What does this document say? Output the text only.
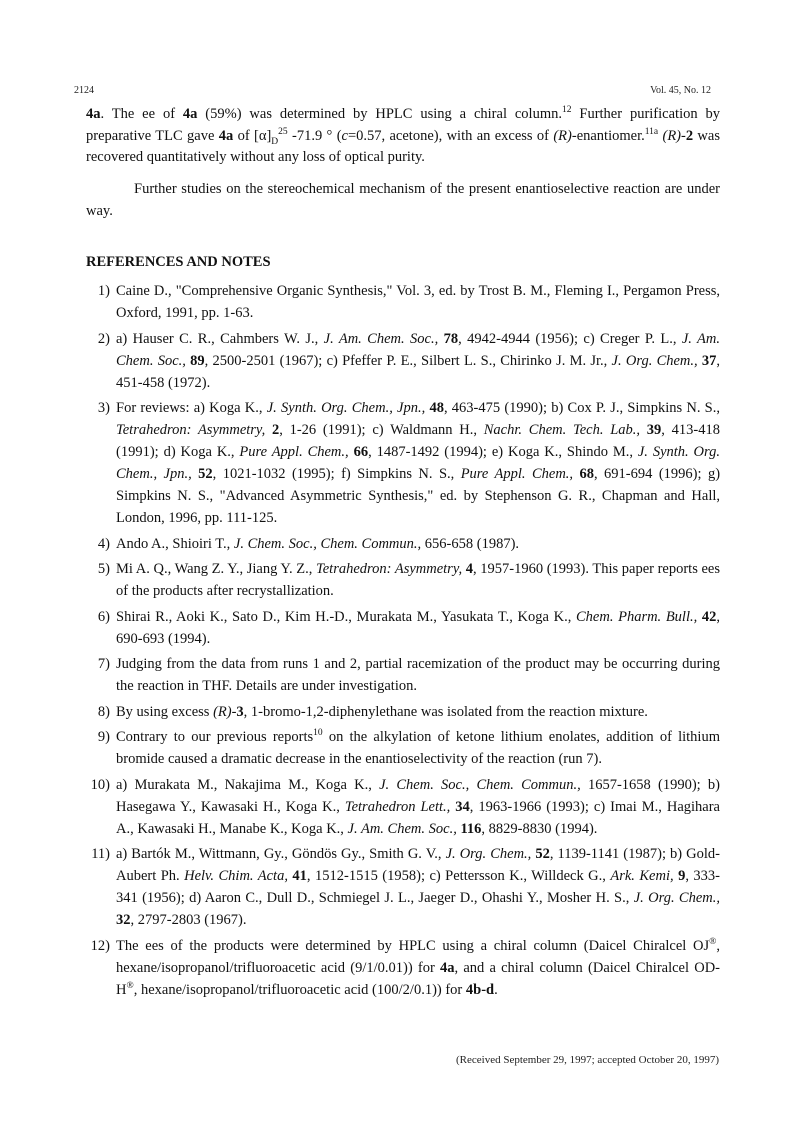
2124	Vol. 45, No. 12
4a. The ee of 4a (59%) was determined by HPLC using a chiral column.$^{12}$ Further purification by preparative TLC gave 4a of $[\alpha]_D^{25}$ -71.9 ° (c=0.57, acetone), with an excess of (R)-enantiomer.$^{11a}$ (R)-2 was recovered quantitatively without any loss of optical purity.
Further studies on the stereochemical mechanism of the present enantioselective reaction are under way.
REFERENCES AND NOTES
1) Caine D., "Comprehensive Organic Synthesis," Vol. 3, ed. by Trost B. M., Fleming I., Pergamon Press, Oxford, 1991, pp. 1-63.
2) a) Hauser C. R., Cahmbers W. J., J. Am. Chem. Soc., 78, 4942-4944 (1956); c) Creger P. L., J. Am. Chem. Soc., 89, 2500-2501 (1967); c) Pfeffer P. E., Silbert L. S., Chirinko J. M. Jr., J. Org. Chem., 37, 451-458 (1972).
3) For reviews: a) Koga K., J. Synth. Org. Chem., Jpn., 48, 463-475 (1990); b) Cox P. J., Simpkins N. S., Tetrahedron: Asymmetry, 2, 1-26 (1991); c) Waldmann H., Nachr. Chem. Tech. Lab., 39, 413-418 (1991); d) Koga K., Pure Appl. Chem., 66, 1487-1492 (1994); e) Koga K., Shindo M., J. Synth. Org. Chem., Jpn., 52, 1021-1032 (1995); f) Simpkins N. S., Pure Appl. Chem., 68, 691-694 (1996); g) Simpkins N. S., "Advanced Asymmetric Synthesis," ed. by Stephenson G. R., Chapman and Hall, London, 1996, pp. 111-125.
4) Ando A., Shioiri T., J. Chem. Soc., Chem. Commun., 656-658 (1987).
5) Mi A. Q., Wang Z. Y., Jiang Y. Z., Tetrahedron: Asymmetry, 4, 1957-1960 (1993). This paper reports ees of the products after recrystallization.
6) Shirai R., Aoki K., Sato D., Kim H.-D., Murakata M., Yasukata T., Koga K., Chem. Pharm. Bull., 42, 690-693 (1994).
7) Judging from the data from runs 1 and 2, partial racemization of the product may be occurring during the reaction in THF. Details are under investigation.
8) By using excess (R)-3, 1-bromo-1,2-diphenylethane was isolated from the reaction mixture.
9) Contrary to our previous reports$^{10}$ on the alkylation of ketone lithium enolates, addition of lithium bromide caused a dramatic decrease in the enantioselectivity of the reaction (run 7).
10) a) Murakata M., Nakajima M., Koga K., J. Chem. Soc., Chem. Commun., 1657-1658 (1990); b) Hasegawa Y., Kawasaki H., Koga K., Tetrahedron Lett., 34, 1963-1966 (1993); c) Imai M., Hagihara A., Kawasaki H., Manabe K., Koga K., J. Am. Chem. Soc., 116, 8829-8830 (1994).
11) a) Bartók M., Wittmann, Gy., Göndös Gy., Smith G. V., J. Org. Chem., 52, 1139-1141 (1987); b) Gold-Aubert Ph. Helv. Chim. Acta, 41, 1512-1515 (1958); c) Pettersson K., Willdeck G., Ark. Kemi, 9, 333-341 (1956); d) Aaron C., Dull D., Schmiegel J. L., Jaeger D., Ohashi Y., Mosher H. S., J. Org. Chem., 32, 2797-2803 (1967).
12) The ees of the products were determined by HPLC using a chiral column (Daicel Chiralcel OJ®, hexane/isopropanol/trifluoroacetic acid (9/1/0.01)) for 4a, and a chiral column (Daicel Chiralcel OD-H®, hexane/isopropanol/trifluoroacetic acid (100/2/0.1)) for 4b-d.
(Received September 29, 1997; accepted October 20, 1997)
